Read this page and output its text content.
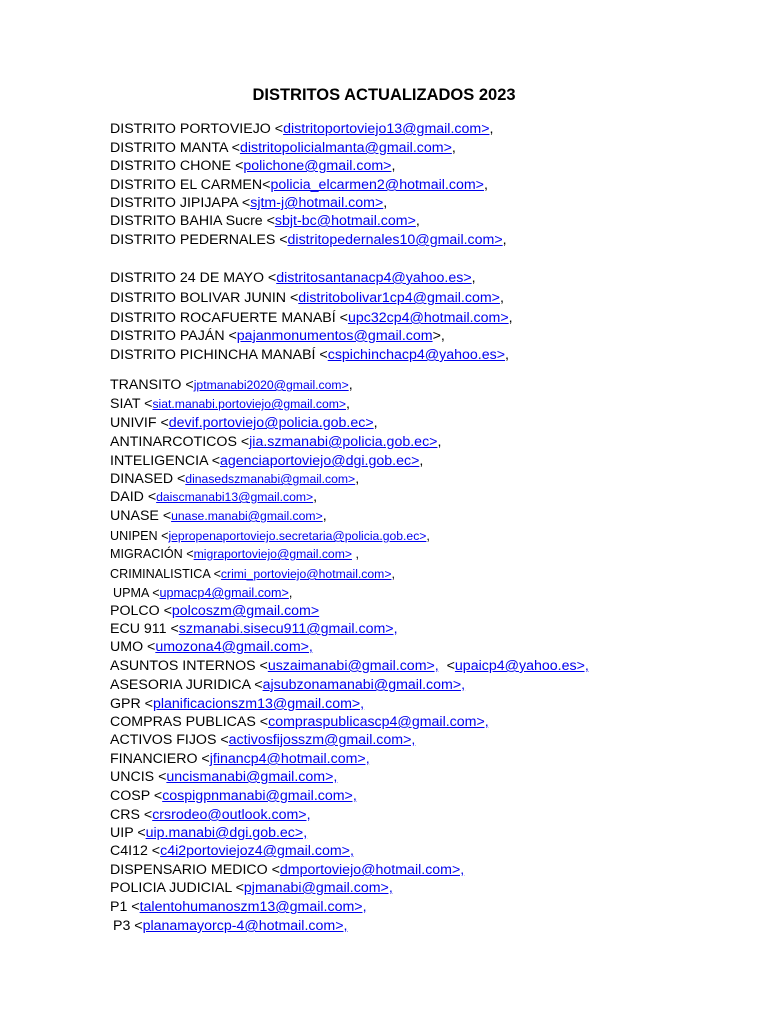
DISTRITOS ACTUALIZADOS 2023
DISTRITO PORTOVIEJO <distritoportoviejo13@gmail.com>,
DISTRITO MANTA <distritopolicialmanta@gmail.com>,
DISTRITO CHONE <polichone@gmail.com>,
DISTRITO EL CARMEN<policia_elcarmen2@hotmail.com>,
DISTRITO JIPIJAPA <sjtm-j@hotmail.com>,
DISTRITO BAHIA Sucre <sbjt-bc@hotmail.com>,
DISTRITO PEDERNALES <distritopedernales10@gmail.com>,
DISTRITO 24 DE MAYO <distritosantanacp4@yahoo.es>,
DISTRITO BOLIVAR JUNIN <distritobolivar1cp4@gmail.com>,
DISTRITO ROCAFUERTE MANABÍ <upc32cp4@hotmail.com>,
DISTRITO PAJÁN <pajanmonumentos@gmail.com>,
DISTRITO PICHINCHA MANABÍ <cspichinchacp4@yahoo.es>,
TRANSITO <jptmanabi2020@gmail.com>,
SIAT <siat.manabi.portoviejo@gmail.com>,
UNIVIF <devif.portoviejo@policia.gob.ec>,
ANTINARCOTICOS <jia.szmanabi@policia.gob.ec>,
INTELIGENCIA <agenciaportoviejo@dgi.gob.ec>,
DINASED <dinasedszmanabi@gmail.com>,
DAID <daiscmanabi13@gmail.com>,
UNASE <unase.manabi@gmail.com>,
UNIPEN <jepropenaportoviejo.secretaria@policia.gob.ec>,
MIGRACIÓN <migraportoviejo@gmail.com> ,
CRIMINALISTICA <crimi_portoviejo@hotmail.com>,
UPMA <upmacp4@gmail.com>,
POLCO <polcoszm@gmail.com>
ECU 911 <szmanabi.sisecu911@gmail.com>,
UMO <umozona4@gmail.com>,
ASUNTOS INTERNOS <uszaimanabi@gmail.com>,  <upaicp4@yahoo.es>,
ASESORIA JURIDICA <ajsubzonamanabi@gmail.com>,
GPR <planificacionszm13@gmail.com>,
COMPRAS PUBLICAS <compraspublicascp4@gmail.com>,
ACTIVOS FIJOS <activosfijosszm@gmail.com>,
FINANCIERO <jfinancp4@hotmail.com>,
UNCIS <uncismanabi@gmail.com>,
COSP <cospigpnmanabi@gmail.com>,
CRS <crsrodeo@outlook.com>,
UIP <uip.manabi@dgi.gob.ec>,
C4I12 <c4i2portoviejoz4@gmail.com>,
DISPENSARIO MEDICO <dmportoviejo@hotmail.com>,
POLICIA JUDICIAL <pjmanabi@gmail.com>,
P1 <talentohumanoszm13@gmail.com>,
P3 <planamayorcp-4@hotmail.com>,
